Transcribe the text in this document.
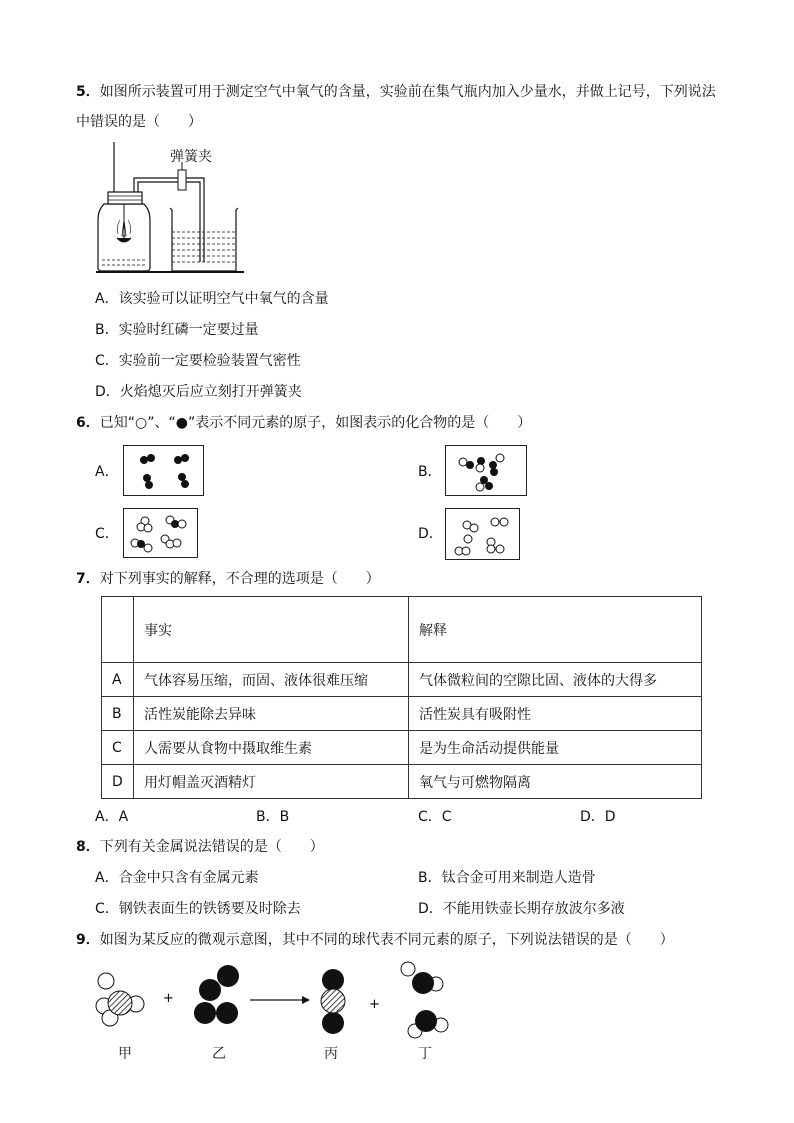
5．如图所示装置可用于测定空气中氧气的含量，实验前在集气瓶内加入少量水，并做上记号，下列说法
中错误的是（　　）
弹簧夹
A．该实验可以证明空气中氧气的含量
B．实验时红磷一定要过量
C．实验前一定要检验装置气密性
D．火焰熄灭后应立刻打开弹簧夹
6．已知“○”、“●”表示不同元素的原子，如图表示的化合物的是（　　）
A．	B．
C．	D．
7．对下列事实的解释，不合理的选项是（　　）
	事实	解释
A	气体容易压缩，而固、液体很难压缩	气体微粒间的空隙比固、液体的大得多
B	活性炭能除去异味	活性炭具有吸附性
C	人需要从食物中摄取维生素	是为生命活动提供能量
D	用灯帽盖灭酒精灯	氧气与可燃物隔离
A．A	B．B	C．C	D．D
8．下列有关金属说法错误的是（　　）
A．合金中只含有金属元素	B．钛合金可用来制造人造骨
C．钢铁表面生的铁锈要及时除去	D．不能用铁壶长期存放波尔多液
9．如图为某反应的微观示意图，其中不同的球代表不同元素的原子，下列说法错误的是（　　）
+	+
甲	乙	丙	丁
